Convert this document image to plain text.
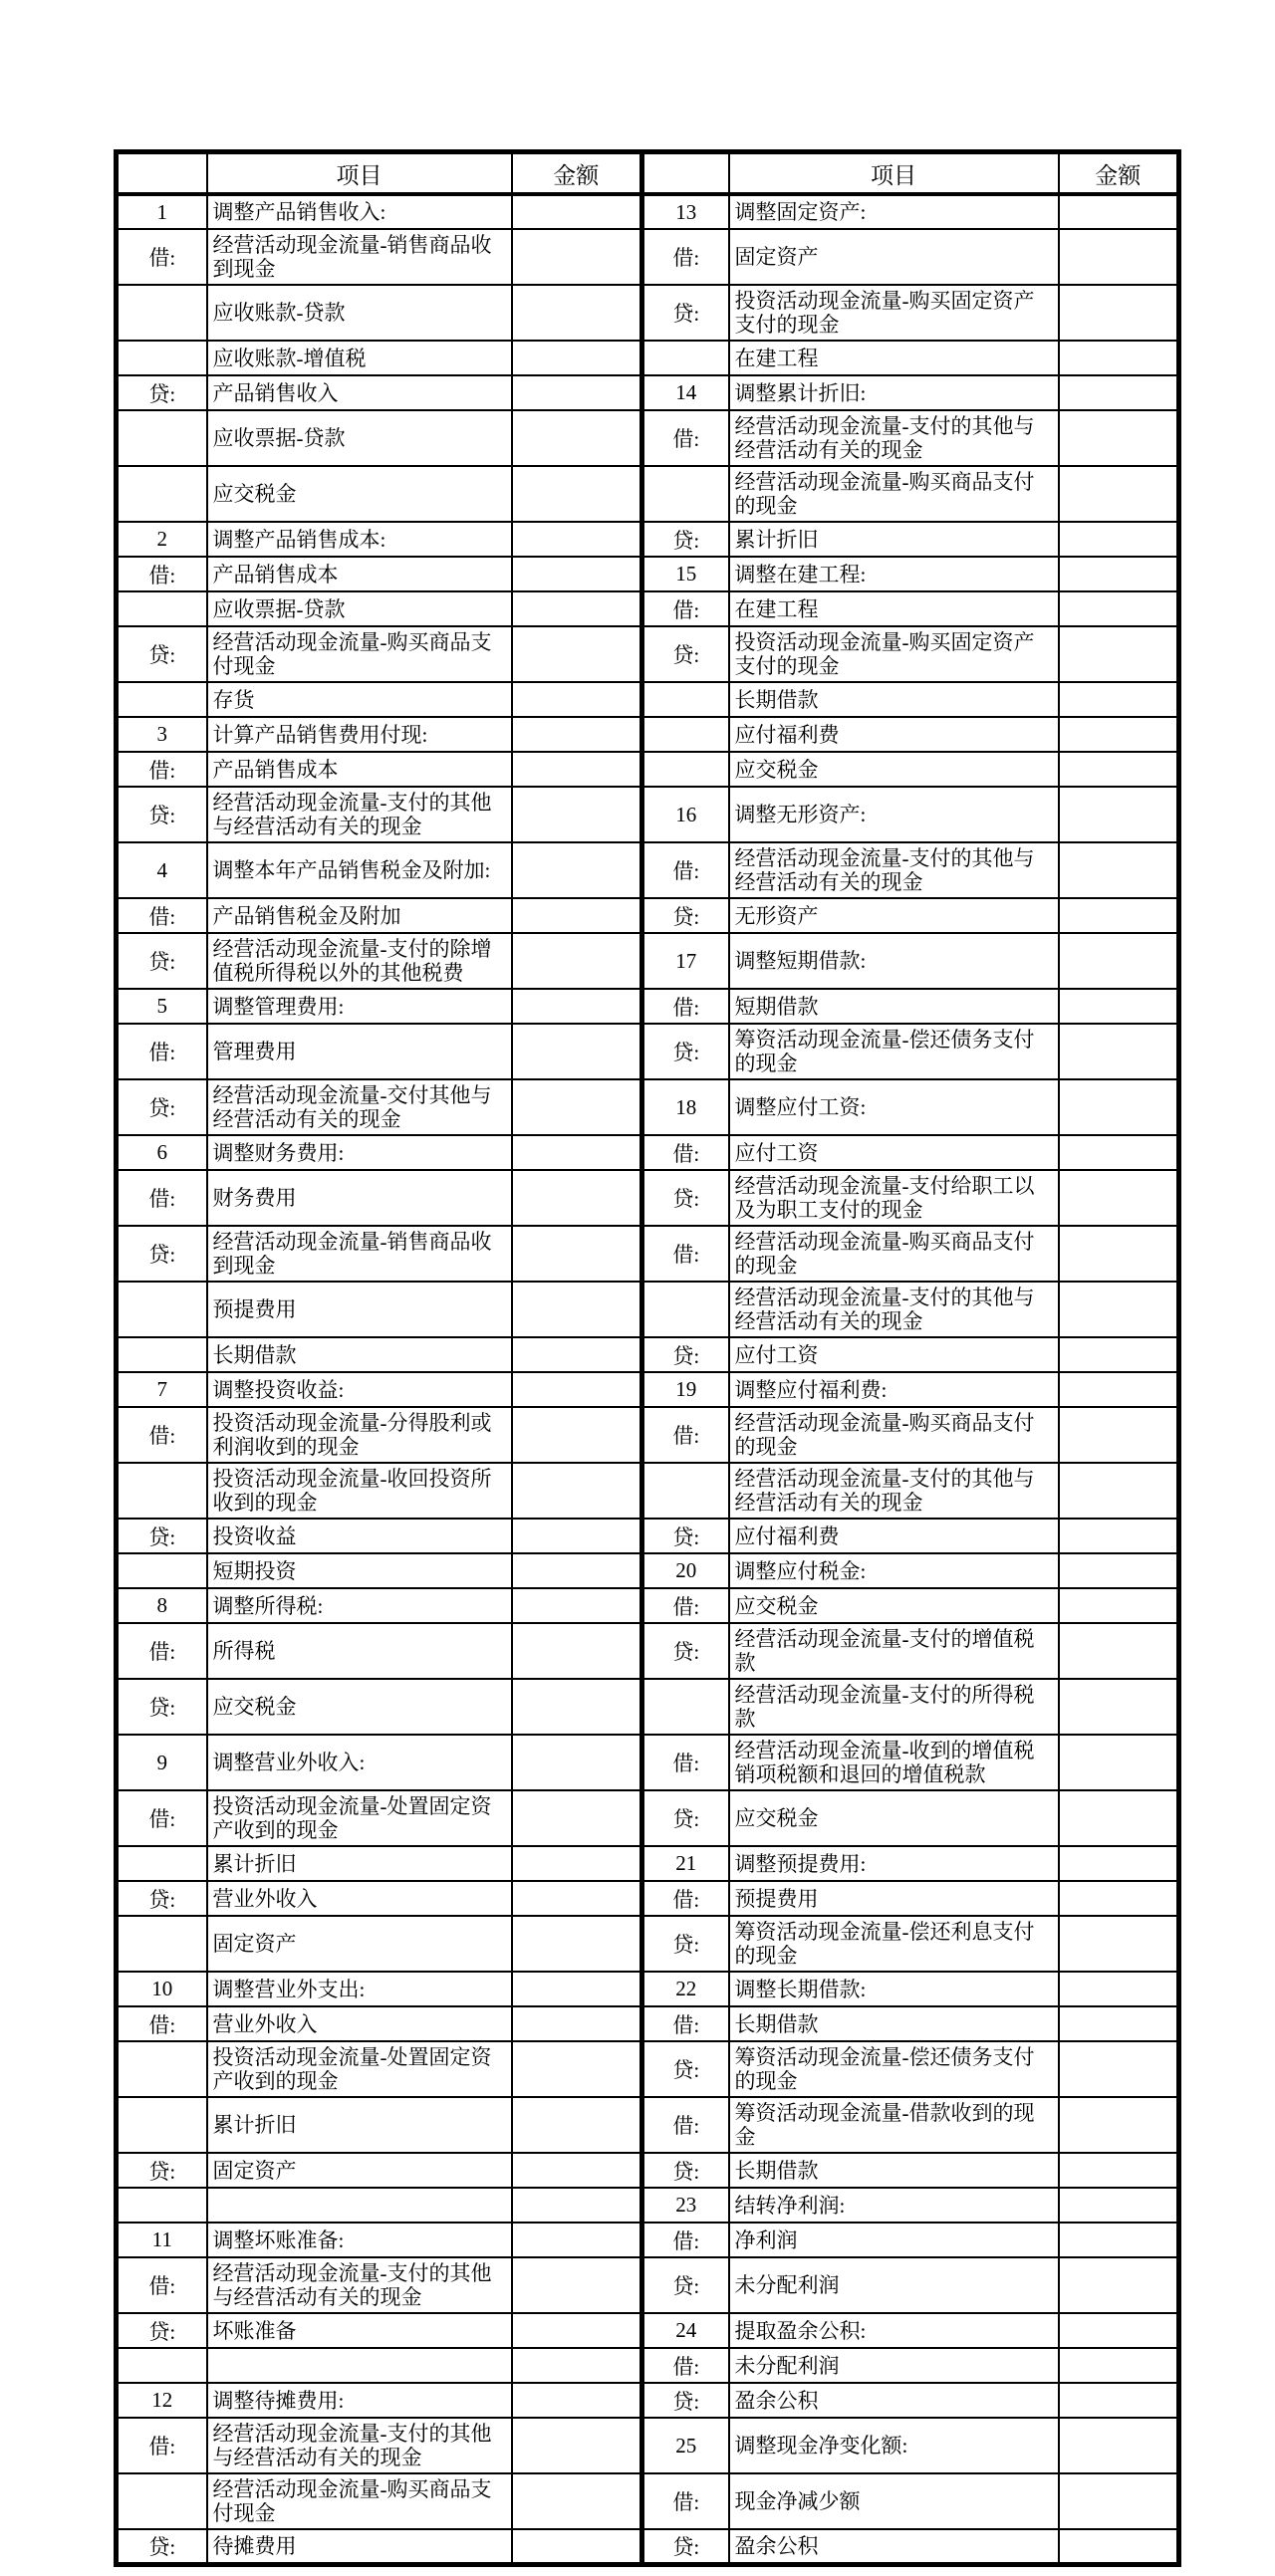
	项目	金额		项目	金额
1	调整产品销售收入:		13	调整固定资产:	
借:	经营活动现金流量-销售商品收到现金		借:	固定资产	
	应收账款-贷款		贷:	投资活动现金流量-购买固定资产支付的现金	
	应收账款-增值税			在建工程	
贷:	产品销售收入		14	调整累计折旧:	
	应收票据-贷款		借:	经营活动现金流量-支付的其他与经营活动有关的现金	
	应交税金			经营活动现金流量-购买商品支付的现金	
2	调整产品销售成本:		贷:	累计折旧	
借:	产品销售成本		15	调整在建工程:	
	应收票据-贷款		借:	在建工程	
贷:	经营活动现金流量-购买商品支付现金		贷:	投资活动现金流量-购买固定资产支付的现金	
	存货			长期借款	
3	计算产品销售费用付现:			应付福利费	
借:	产品销售成本			应交税金	
贷:	经营活动现金流量-支付的其他与经营活动有关的现金		16	调整无形资产:	
4	调整本年产品销售税金及附加:		借:	经营活动现金流量-支付的其他与经营活动有关的现金	
借:	产品销售税金及附加		贷:	无形资产	
贷:	经营活动现金流量-支付的除增值税所得税以外的其他税费		17	调整短期借款:	
5	调整管理费用:		借:	短期借款	
借:	管理费用		贷:	筹资活动现金流量-偿还债务支付的现金	
贷:	经营活动现金流量-交付其他与经营活动有关的现金		18	调整应付工资:	
6	调整财务费用:		借:	应付工资	
借:	财务费用		贷:	经营活动现金流量-支付给职工以及为职工支付的现金	
贷:	经营活动现金流量-销售商品收到现金		借:	经营活动现金流量-购买商品支付的现金	
	预提费用			经营活动现金流量-支付的其他与经营活动有关的现金	
	长期借款		贷:	应付工资	
7	调整投资收益:		19	调整应付福利费:	
借:	投资活动现金流量-分得股利或利润收到的现金		借:	经营活动现金流量-购买商品支付的现金	
	投资活动现金流量-收回投资所收到的现金			经营活动现金流量-支付的其他与经营活动有关的现金	
贷:	投资收益		贷:	应付福利费	
	短期投资		20	调整应付税金:	
8	调整所得税:		借:	应交税金	
借:	所得税		贷:	经营活动现金流量-支付的增值税款	
贷:	应交税金			经营活动现金流量-支付的所得税款	
9	调整营业外收入:		借:	经营活动现金流量-收到的增值税销项税额和退回的增值税款	
借:	投资活动现金流量-处置固定资产收到的现金		贷:	应交税金	
	累计折旧		21	调整预提费用:	
贷:	营业外收入		借:	预提费用	
	固定资产		贷:	筹资活动现金流量-偿还利息支付的现金	
10	调整营业外支出:		22	调整长期借款:	
借:	营业外收入		借:	长期借款	
	投资活动现金流量-处置固定资产收到的现金		贷:	筹资活动现金流量-偿还债务支付的现金	
	累计折旧		借:	筹资活动现金流量-借款收到的现金	
贷:	固定资产		贷:	长期借款	
			23	结转净利润:	
11	调整坏账准备:		借:	净利润	
借:	经营活动现金流量-支付的其他与经营活动有关的现金		贷:	未分配利润	
贷:	坏账准备		24	提取盈余公积:	
			借:	未分配利润	
12	调整待摊费用:		贷:	盈余公积	
借:	经营活动现金流量-支付的其他与经营活动有关的现金		25	调整现金净变化额:	
	经营活动现金流量-购买商品支付现金		借:	现金净减少额	
贷:	待摊费用		贷:	盈余公积	
